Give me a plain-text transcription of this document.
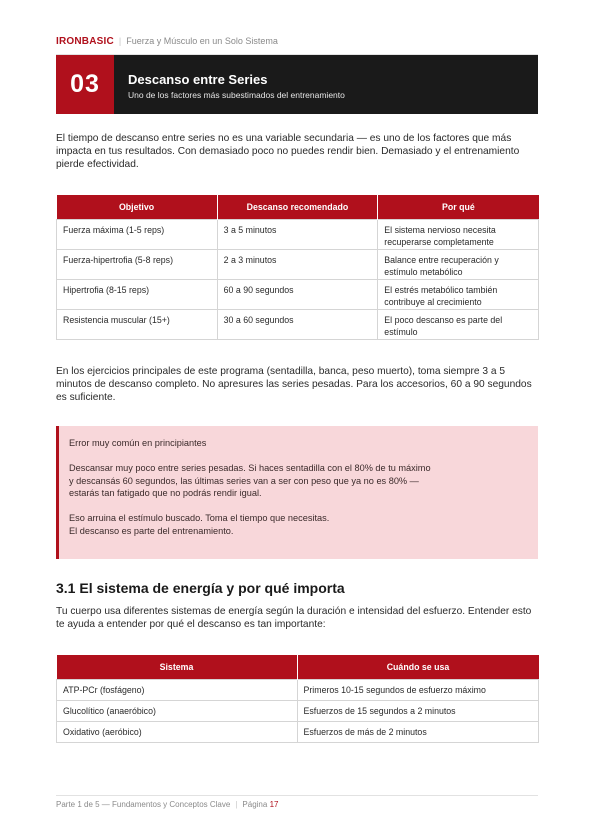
IRONBASIC | Fuerza y Músculo en un Solo Sistema
03	Descanso entre Series
Uno de los factores más subestimados del entrenamiento
El tiempo de descanso entre series no es una variable secundaria — es uno de los factores que más impacta en tus resultados. Con demasiado poco no puedes rendir bien. Demasiado y el entrenamiento pierde efectividad.
Objetivo	Descanso recomendado	Por qué
Fuerza máxima (1-5 reps)	3 a 5 minutos	El sistema nervioso necesita recuperarse completamente
Fuerza-hipertrofia (5-8 reps)	2 a 3 minutos	Balance entre recuperación y estímulo metabólico
Hipertrofia (8-15 reps)	60 a 90 segundos	El estrés metabólico también contribuye al crecimiento
Resistencia muscular (15+)	30 a 60 segundos	El poco descanso es parte del estímulo
En los ejercicios principales de este programa (sentadilla, banca, peso muerto), toma siempre 3 a 5 minutos de descanso completo. No apresures las series pesadas. Para los accesorios, 60 a 90 segundos es suficiente.

Error muy común en principiantes

Descansar muy poco entre series pesadas. Si haces sentadilla con el 80% de tu máximo

y descansás 60 segundos, las últimas series van a ser con peso que ya no es 80% —

estarás tan fatigado que no podrás rendir igual.

Eso arruina el estímulo buscado. Toma el tiempo que necesitas.

El descanso es parte del entrenamiento.

3.1 El sistema de energía y por qué importa
Tu cuerpo usa diferentes sistemas de energía según la duración e intensidad del esfuerzo. Entender esto te ayuda a entender por qué el descanso es tan importante:
Sistema	Cuándo se usa
ATP-PCr (fosfágeno)	Primeros 10-15 segundos de esfuerzo máximo
Glucolítico (anaeróbico)	Esfuerzos de 15 segundos a 2 minutos
Oxidativo (aeróbico)	Esfuerzos de más de 2 minutos
Parte 1 de 5 — Fundamentos y Conceptos Clave | Página 17
